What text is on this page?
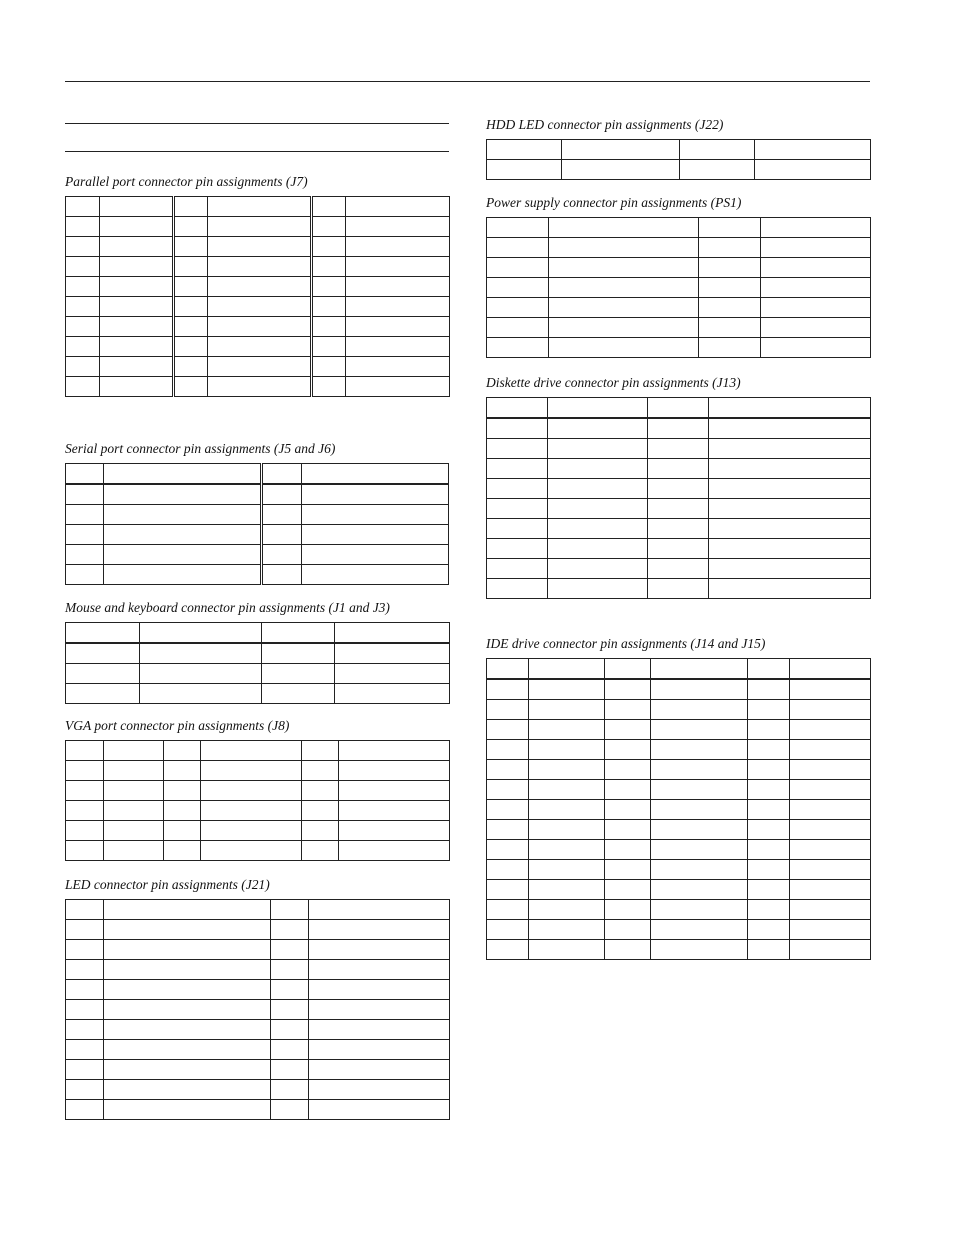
Parallel port connector pin assignments (J7)
Serial port connector pin assignments (J5 and J6)
Mouse and keyboard connector pin assignments (J1 and J3)
VGA port connector pin assignments (J8)
LED connector pin assignments (J21)
HDD LED connector pin assignments (J22)
Power supply connector pin assignments (PS1)
Diskette drive connector pin assignments (J13)
IDE drive connector pin assignments (J14 and J15)
